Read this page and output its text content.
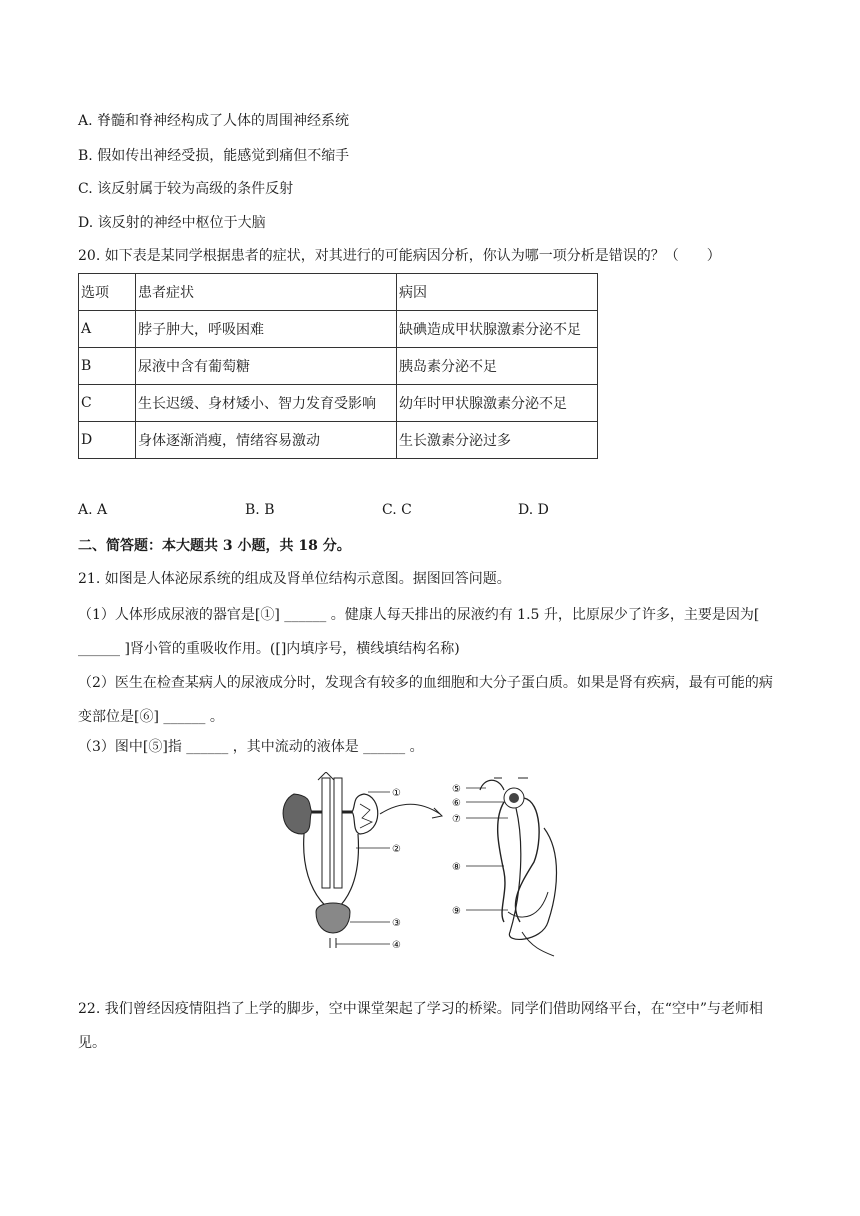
A. 脊髓和脊神经构成了人体的周围神经系统
B. 假如传出神经受损，能感觉到痛但不缩手
C. 该反射属于较为高级的条件反射
D. 该反射的神经中枢位于大脑
20. 如下表是某同学根据患者的症状，对其进行的可能病因分析，你认为哪一项分析是错误的？（　　）
选项	患者症状	病因
A	脖子肿大，呼吸困难	缺碘造成甲状腺激素分泌不足
B	尿液中含有葡萄糖	胰岛素分泌不足
C	生长迟缓、身材矮小、智力发育受影响	幼年时甲状腺激素分泌不足
D	身体逐渐消瘦，情绪容易激动	生长激素分泌过多
A. A	B. B	C. C	D. D
二、简答题：本大题共 3 小题，共 18 分。
21. 如图是人体泌尿系统的组成及肾单位结构示意图。据图回答问题。
（1）人体形成尿液的器官是[①] ______ 。健康人每天排出的尿液约有 1.5 升，比原尿少了许多，主要是因为[ ______ ]肾小管的重吸收作用。([]内填序号，横线填结构名称)
（2）医生在检查某病人的尿液成分时，发现含有较多的血细胞和大分子蛋白质。如果是肾有疾病，最有可能的病变部位是[⑥] ______ 。
（3）图中[⑤]指 ______ ，其中流动的液体是 ______ 。
①
②
③
④
⑤
⑥
⑦
⑧
⑨
22. 我们曾经因疫情阻挡了上学的脚步，空中课堂架起了学习的桥梁。同学们借助网络平台，在“空中”与老师相见。
